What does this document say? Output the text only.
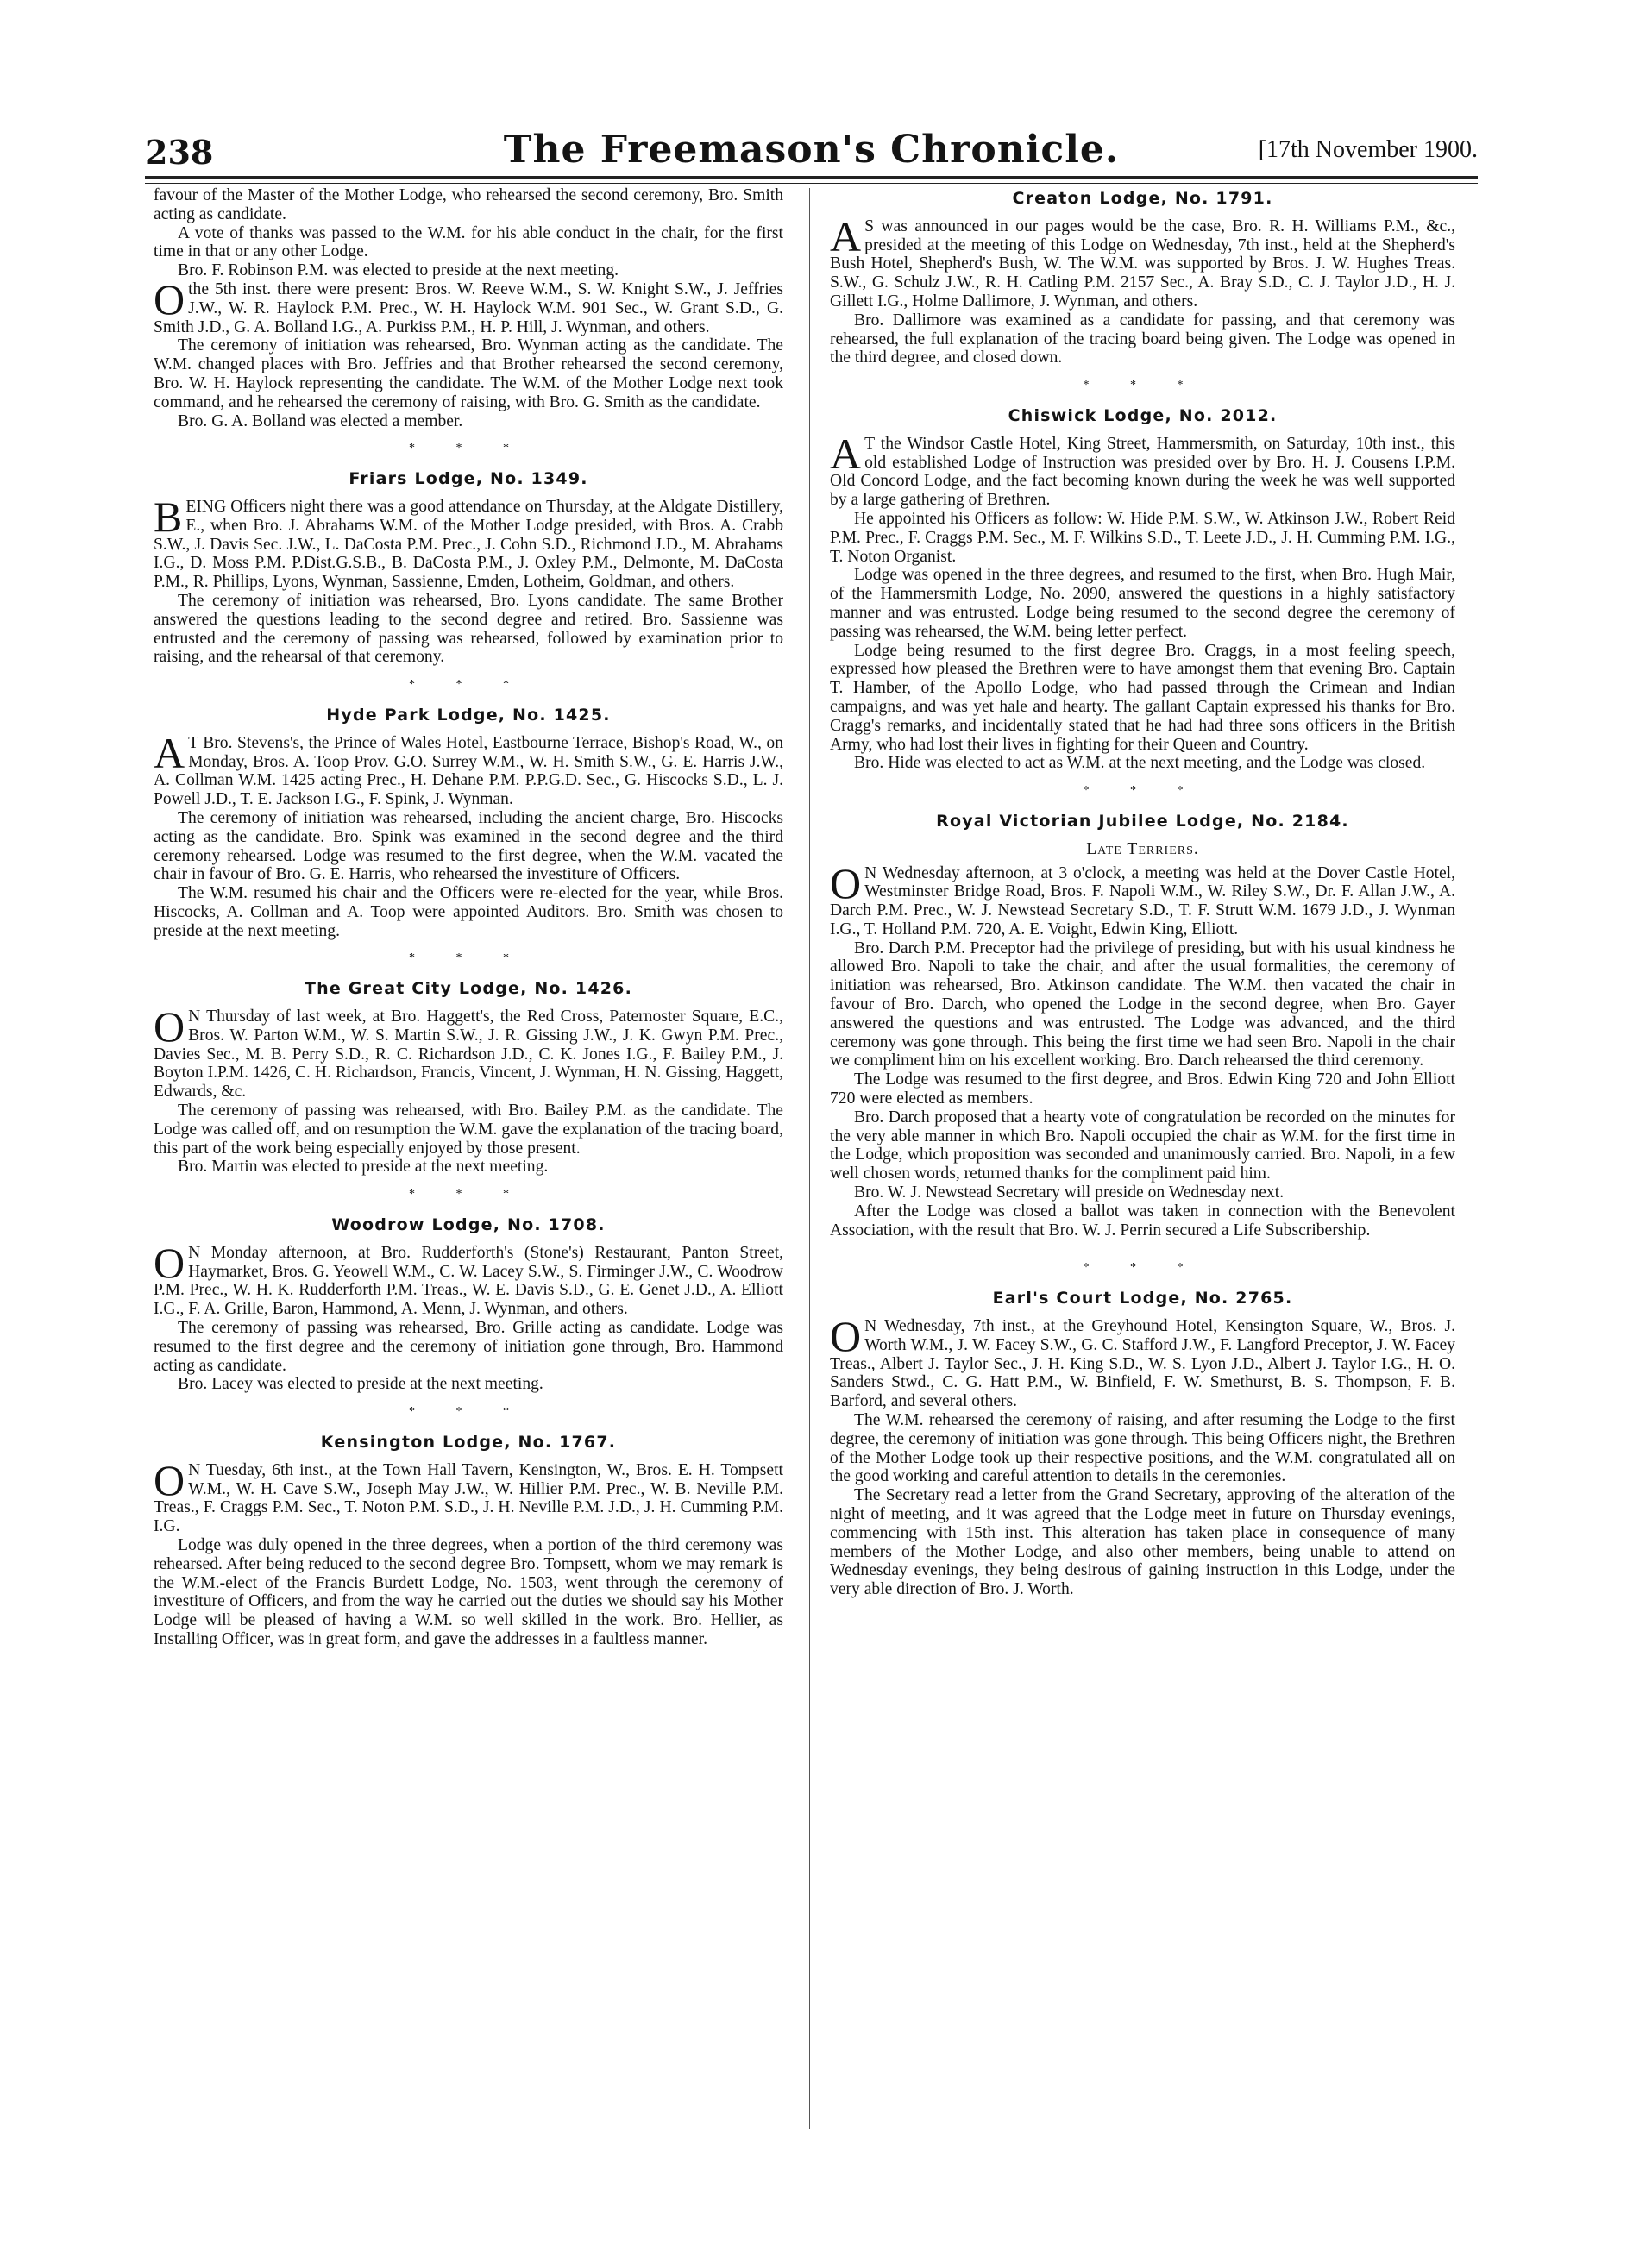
238	The Freemason's Chronicle.	[17th November 1900.

favour of the Master of the Mother Lodge, who rehearsed the second ceremony, Bro. Smith acting as candidate.

A vote of thanks was passed to the W.M. for his able conduct in the chair, for the first time in that or any other Lodge.

Bro. F. Robinson P.M. was elected to preside at the next meeting.

Othe 5th inst. there were present: Bros. W. Reeve W.M., S. W. Knight S.W., J. Jeffries J.W., W. R. Haylock P.M. Prec., W. H. Haylock W.M. 901 Sec., W. Grant S.D., G. Smith J.D., G. A. Bolland I.G., A. Purkiss P.M., H. P. Hill, J. Wynman, and others.

The ceremony of initiation was rehearsed, Bro. Wynman acting as the candidate. The W.M. changed places with Bro. Jeffries and that Brother rehearsed the second ceremony, Bro. W. H. Haylock representing the candidate. The W.M. of the Mother Lodge next took command, and he rehearsed the ceremony of raising, with Bro. G. Smith as the candidate.

Bro. G. A. Bolland was elected a member.

* * *
Friars Lodge, No. 1349.

BEING Officers night there was a good attendance on Thursday, at the Aldgate Distillery, E., when Bro. J. Abrahams W.M. of the Mother Lodge presided, with Bros. A. Crabb S.W., J. Davis Sec. J.W., L. DaCosta P.M. Prec., J. Cohn S.D., Richmond J.D., M. Abrahams I.G., D. Moss P.M. P.Dist.G.S.B., B. DaCosta P.M., J. Oxley P.M., Delmonte, M. DaCosta P.M., R. Phillips, Lyons, Wynman, Sassienne, Emden, Lotheim, Goldman, and others.

The ceremony of initiation was rehearsed, Bro. Lyons candidate. The same Brother answered the questions leading to the second degree and retired. Bro. Sassienne was entrusted and the ceremony of passing was rehearsed, followed by examination prior to raising, and the rehearsal of that ceremony.

* * *
Hyde Park Lodge, No. 1425.

A T Bro. Stevens's, the Prince of Wales Hotel, Eastbourne Terrace, Bishop's Road, W., on Monday, Bros. A. Toop Prov. G.O. Surrey W.M., W. H. Smith S.W., G. E. Harris J.W., A. Collman W.M. 1425 acting Prec., H. Dehane P.M. P.P.G.D. Sec., G. Hiscocks S.D., L. J. Powell J.D., T. E. Jackson I.G., F. Spink, J. Wynman.

The ceremony of initiation was rehearsed, including the ancient charge, Bro. Hiscocks acting as the candidate. Bro. Spink was examined in the second degree and the third ceremony rehearsed. Lodge was resumed to the first degree, when the W.M. vacated the chair in favour of Bro. G. E. Harris, who rehearsed the investiture of Officers.

The W.M. resumed his chair and the Officers were re-elected for the year, while Bros. Hiscocks, A. Collman and A. Toop were appointed Auditors. Bro. Smith was chosen to preside at the next meeting.

* * *
The Great City Lodge, No. 1426.

O N Thursday of last week, at Bro. Haggett's, the Red Cross, Paternoster Square, E.C., Bros. W. Parton W.M., W. S. Martin S.W., J. R. Gissing J.W., J. K. Gwyn P.M. Prec., Davies Sec., M. B. Perry S.D., R. C. Richardson J.D., C. K. Jones I.G., F. Bailey P.M., J. Boyton I.P.M. 1426, C. H. Richardson, Francis, Vincent, J. Wynman, H. N. Gissing, Haggett, Edwards, &c.

The ceremony of passing was rehearsed, with Bro. Bailey P.M. as the candidate. The Lodge was called off, and on resumption the W.M. gave the explanation of the tracing board, this part of the work being especially enjoyed by those present.

Bro. Martin was elected to preside at the next meeting.

* * *
Woodrow Lodge, No. 1708.

O N Monday afternoon, at Bro. Rudderforth's (Stone's) Restaurant, Panton Street, Haymarket, Bros. G. Yeowell W.M., C. W. Lacey S.W., S. Firminger J.W., C. Woodrow P.M. Prec., W. H. K. Rudderforth P.M. Treas., W. E. Davis S.D., G. E. Genet J.D., A. Elliott I.G., F. A. Grille, Baron, Hammond, A. Menn, J. Wynman, and others.

The ceremony of passing was rehearsed, Bro. Grille acting as candidate. Lodge was resumed to the first degree and the ceremony of initiation gone through, Bro. Hammond acting as candidate.

Bro. Lacey was elected to preside at the next meeting.

* * *
Kensington Lodge, No. 1767.

O N Tuesday, 6th inst., at the Town Hall Tavern, Kensington, W., Bros. E. H. Tompsett W.M., W. H. Cave S.W., Joseph May J.W., W. Hillier P.M. Prec., W. B. Neville P.M. Treas., F. Craggs P.M. Sec., T. Noton P.M. S.D., J. H. Neville P.M. J.D., J. H. Cumming P.M. I.G.

Lodge was duly opened in the three degrees, when a portion of the third ceremony was rehearsed. After being reduced to the second degree Bro. Tompsett, whom we may remark is the W.M.-elect of the Francis Burdett Lodge, No. 1503, went through the ceremony of investiture of Officers, and from the way he carried out the duties we should say his Mother Lodge will be pleased of having a W.M. so well skilled in the work. Bro. Hellier, as Installing Officer, was in great form, and gave the addresses in a faultless manner.

Creaton Lodge, No. 1791.

A S was announced in our pages would be the case, Bro. R. H. Williams P.M., &c., presided at the meeting of this Lodge on Wednesday, 7th inst., held at the Shepherd's Bush Hotel, Shepherd's Bush, W. The W.M. was supported by Bros. J. W. Hughes Treas. S.W., G. Schulz J.W., R. H. Catling P.M. 2157 Sec., A. Bray S.D., C. J. Taylor J.D., H. J. Gillett I.G., Holme Dallimore, J. Wynman, and others.

Bro. Dallimore was examined as a candidate for passing, and that ceremony was rehearsed, the full explanation of the tracing board being given. The Lodge was opened in the third degree, and closed down.

* * *
Chiswick Lodge, No. 2012.

A T the Windsor Castle Hotel, King Street, Hammersmith, on Saturday, 10th inst., this old established Lodge of Instruction was presided over by Bro. H. J. Cousens I.P.M. Old Concord Lodge, and the fact becoming known during the week he was well supported by a large gathering of Brethren.

He appointed his Officers as follow: W. Hide P.M. S.W., W. Atkinson J.W., Robert Reid P.M. Prec., F. Craggs P.M. Sec., M. F. Wilkins S.D., T. Leete J.D., J. H. Cumming P.M. I.G., T. Noton Organist.

Lodge was opened in the three degrees, and resumed to the first, when Bro. Hugh Mair, of the Hammersmith Lodge, No. 2090, answered the questions in a highly satisfactory manner and was entrusted. Lodge being resumed to the second degree the ceremony of passing was rehearsed, the W.M. being letter perfect.

Lodge being resumed to the first degree Bro. Craggs, in a most feeling speech, expressed how pleased the Brethren were to have amongst them that evening Bro. Captain T. Hamber, of the Apollo Lodge, who had passed through the Crimean and Indian campaigns, and was yet hale and hearty. The gallant Captain expressed his thanks for Bro. Cragg's remarks, and incidentally stated that he had had three sons officers in the British Army, who had lost their lives in fighting for their Queen and Country.

Bro. Hide was elected to act as W.M. at the next meeting, and the Lodge was closed.

* * *
Royal Victorian Jubilee Lodge, No. 2184.
Late Terriers.

O N Wednesday afternoon, at 3 o'clock, a meeting was held at the Dover Castle Hotel, Westminster Bridge Road, Bros. F. Napoli W.M., W. Riley S.W., Dr. F. Allan J.W., A. Darch P.M. Prec., W. J. Newstead Secretary S.D., T. F. Strutt W.M. 1679 J.D., J. Wynman I.G., T. Holland P.M. 720, A. E. Voight, Edwin King, Elliott.

Bro. Darch P.M. Preceptor had the privilege of presiding, but with his usual kindness he allowed Bro. Napoli to take the chair, and after the usual formalities, the ceremony of initiation was rehearsed, Bro. Atkinson candidate. The W.M. then vacated the chair in favour of Bro. Darch, who opened the Lodge in the second degree, when Bro. Gayer answered the questions and was entrusted. The Lodge was advanced, and the third ceremony was gone through. This being the first time we had seen Bro. Napoli in the chair we compliment him on his excellent working. Bro. Darch rehearsed the third ceremony.

The Lodge was resumed to the first degree, and Bros. Edwin King 720 and John Elliott 720 were elected as members.

Bro. Darch proposed that a hearty vote of congratulation be recorded on the minutes for the very able manner in which Bro. Napoli occupied the chair as W.M. for the first time in the Lodge, which proposition was seconded and unanimously carried. Bro. Napoli, in a few well chosen words, returned thanks for the compliment paid him.

Bro. W. J. Newstead Secretary will preside on Wednesday next.

After the Lodge was closed a ballot was taken in connection with the Benevolent Association, with the result that Bro. W. J. Perrin secured a Life Subscribership.

* * *
Earl's Court Lodge, No. 2765.

O N Wednesday, 7th inst., at the Greyhound Hotel, Kensington Square, W., Bros. J. Worth W.M., J. W. Facey S.W., G. C. Stafford J.W., F. Langford Preceptor, J. W. Facey Treas., Albert J. Taylor Sec., J. H. King S.D., W. S. Lyon J.D., Albert J. Taylor I.G., H. O. Sanders Stwd., C. G. Hatt P.M., W. Binfield, F. W. Smethurst, B. S. Thompson, F. B. Barford, and several others.

The W.M. rehearsed the ceremony of raising, and after resuming the Lodge to the first degree, the ceremony of initiation was gone through. This being Officers night, the Brethren of the Mother Lodge took up their respective positions, and the W.M. congratulated all on the good working and careful attention to details in the ceremonies.

The Secretary read a letter from the Grand Secretary, approving of the alteration of the night of meeting, and it was agreed that the Lodge meet in future on Thursday evenings, commencing with 15th inst. This alteration has taken place in consequence of many members of the Mother Lodge, and also other members, being unable to attend on Wednesday evenings, they being desirous of gaining instruction in this Lodge, under the very able direction of Bro. J. Worth.
